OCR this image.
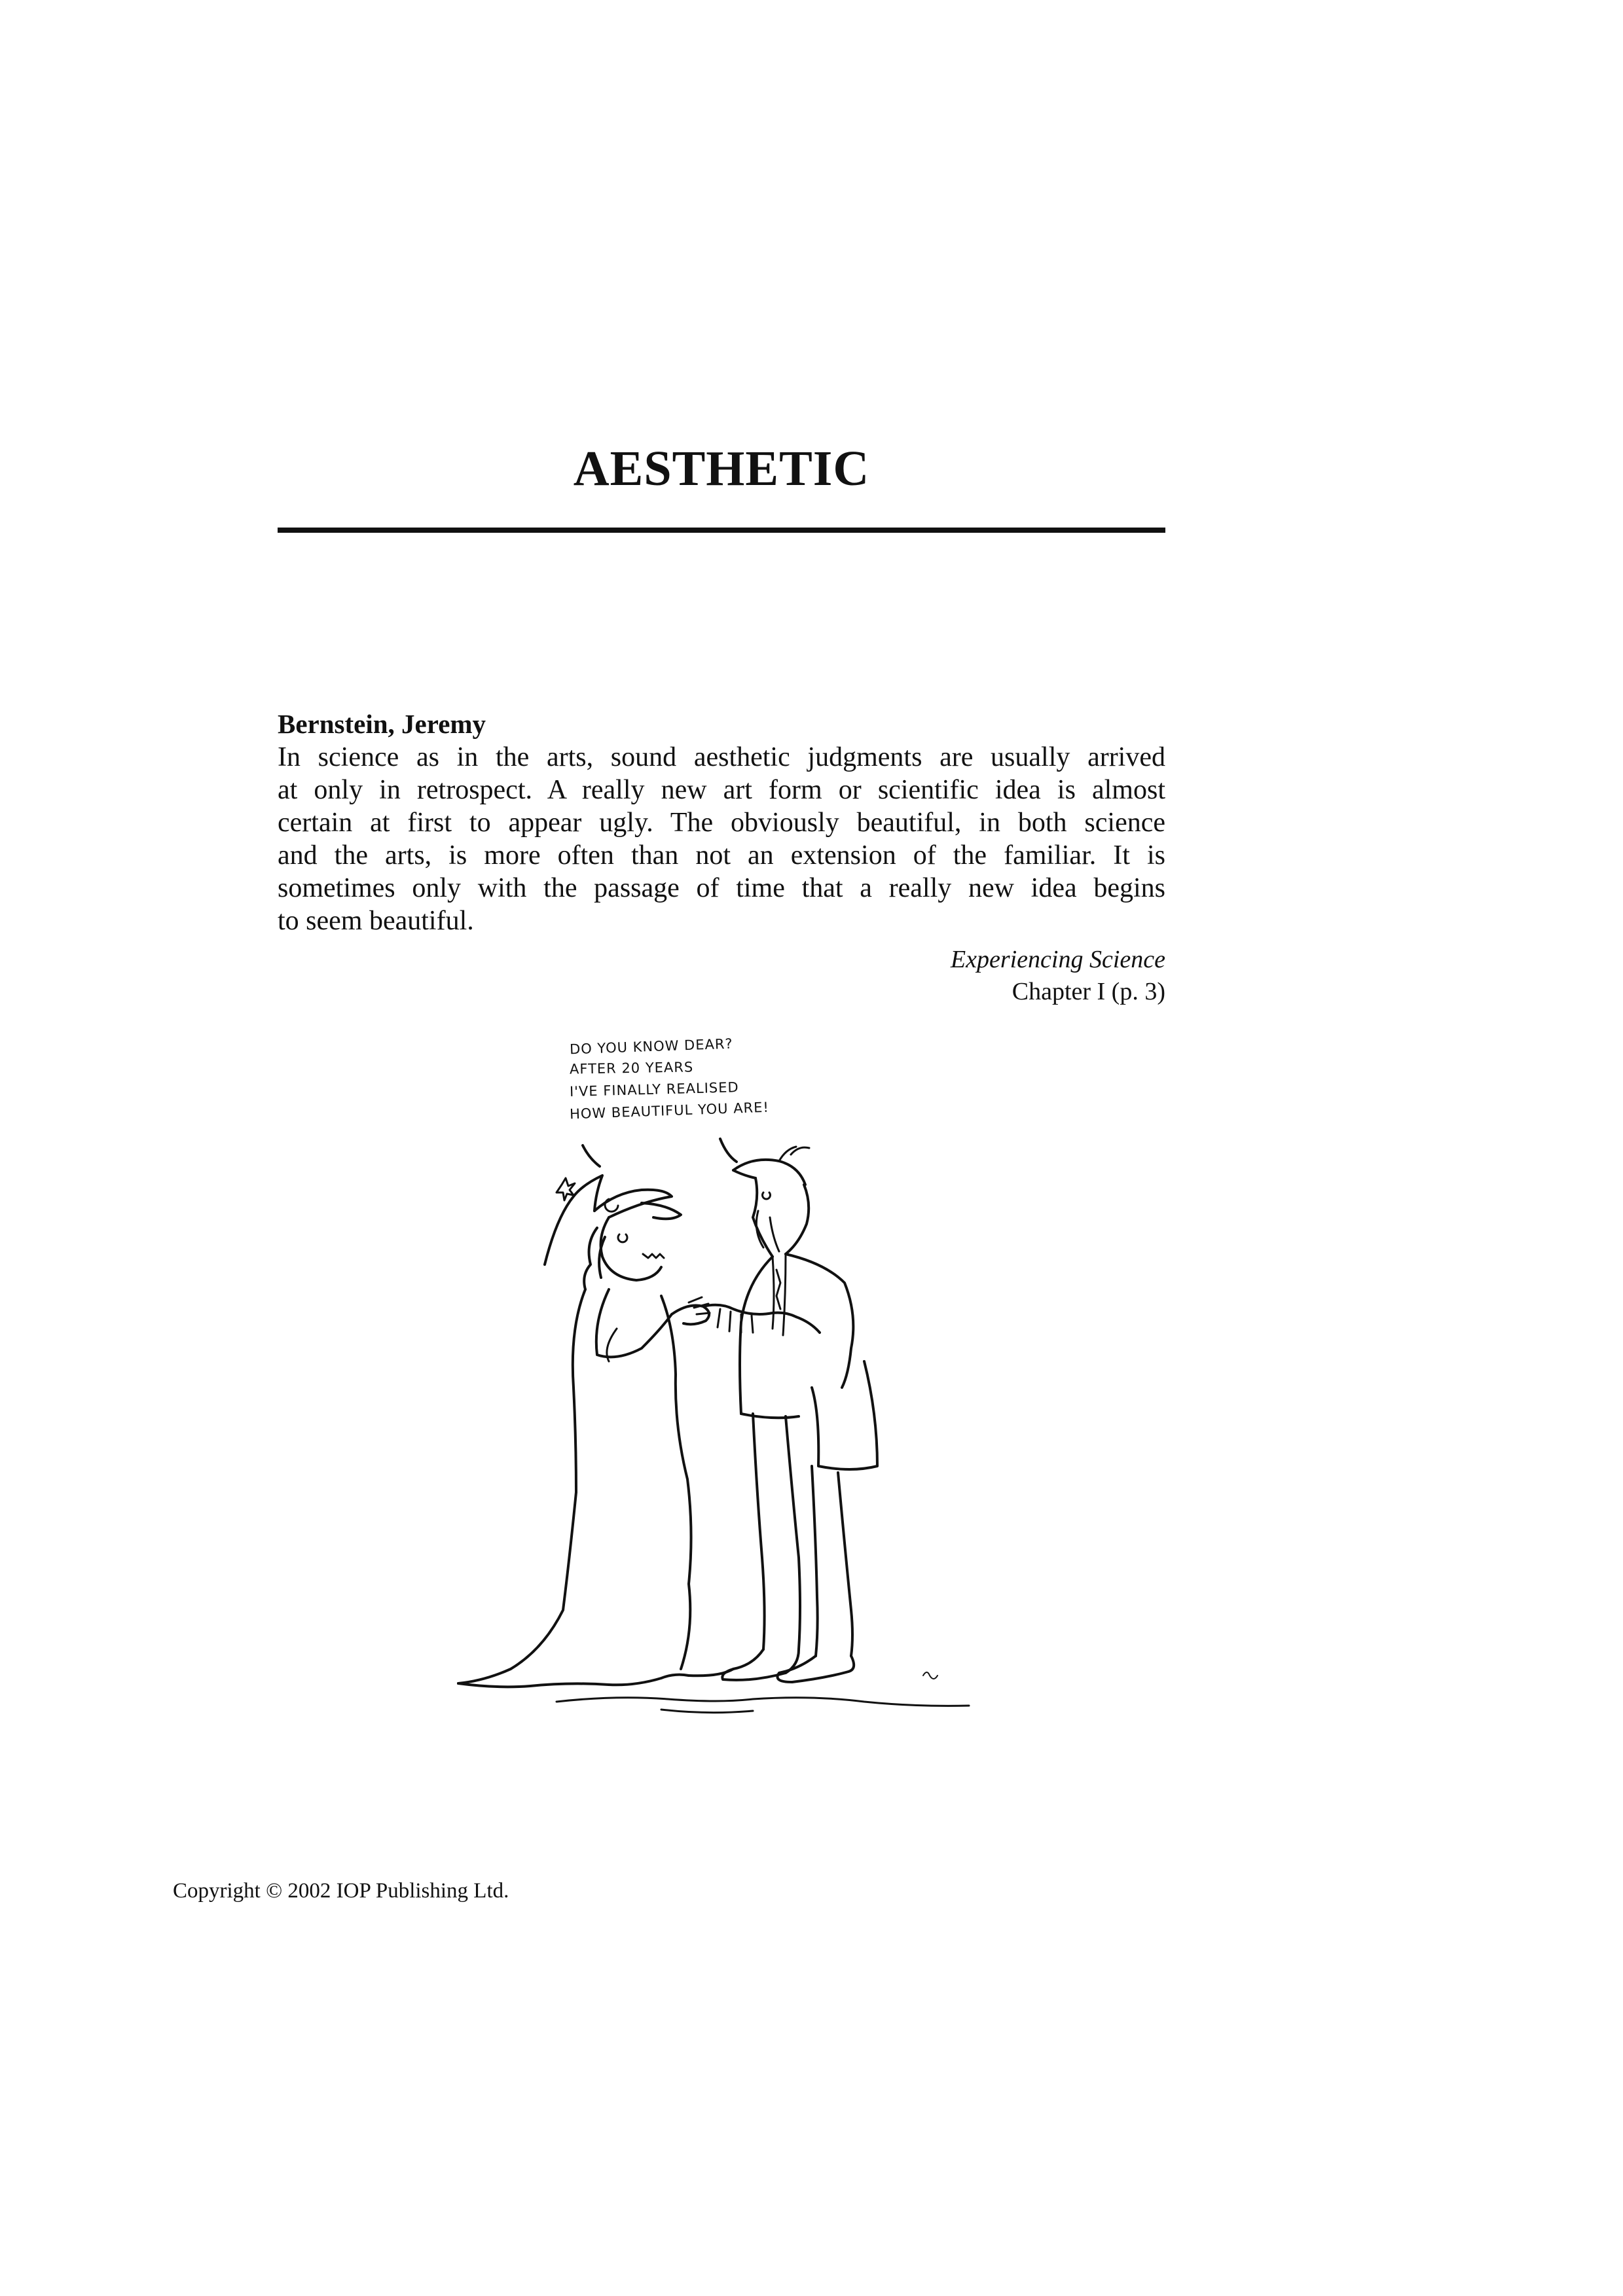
AESTHETIC
Bernstein, Jeremy
In science as in the arts, sound aesthetic judgments are usually arrived
at only in retrospect. A really new art form or scientific idea is almost
certain at first to appear ugly. The obviously beautiful, in both science
and the arts, is more often than not an extension of the familiar. It is
sometimes only with the passage of time that a really new idea begins
to seem beautiful.
Experiencing Science
Chapter I (p. 3)
DO YOU KNOW DEAR?
AFTER 20 YEARS
I'VE FINALLY REALISED
HOW BEAUTIFUL YOU ARE!
Copyright © 2002 IOP Publishing Ltd.
